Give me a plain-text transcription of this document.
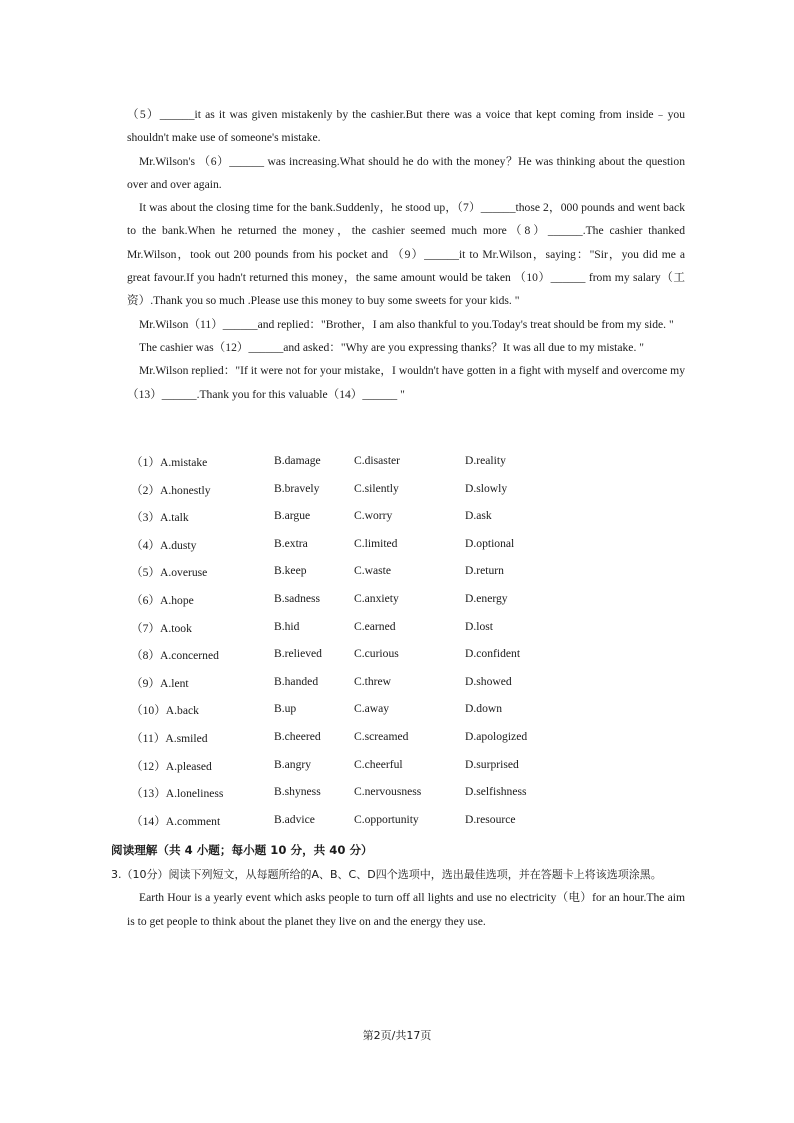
（5）______it as it was given mistakenly by the cashier.But there was a voice that kept coming from inside﹣you shouldn't make use of someone's mistake.

Mr.Wilson's （6）______ was increasing.What should he do with the money？He was thinking about the question over and over again.

It was about the closing time for the bank.Suddenly，he stood up，（7）______those 2，000 pounds and went back to the bank.When he returned the money，the cashier seemed much more（8）______.The cashier thanked Mr.Wilson，took out 200 pounds from his pocket and （9）______it to Mr.Wilson，saying："Sir，you did me a great favour.If you hadn't returned this money，the same amount would be taken （10）______ from my salary（工资）.Thank you so much .Please use this money to buy some sweets for your kids. "

Mr.Wilson（11）______and replied："Brother，I am also thankful to you.Today's treat should be from my side. "

The cashier was（12）______and asked："Why are you expressing thanks？It was all due to my mistake. "

Mr.Wilson replied："If it were not for your mistake，I wouldn't have gotten in a fight with myself and overcome my（13）______.Thank you for this valuable（14）______ "

（1）A.mistake	B.damage	C.disaster	D.reality
（2）A.honestly	B.bravely	C.silently	D.slowly
（3）A.talk	B.argue	C.worry	D.ask
（4）A.dusty	B.extra	C.limited	D.optional
（5）A.overuse	B.keep	C.waste	D.return
（6）A.hope	B.sadness	C.anxiety	D.energy
（7）A.took	B.hid	C.earned	D.lost
（8）A.concerned	B.relieved	C.curious	D.confident
（9）A.lent	B.handed	C.threw	D.showed
（10）A.back	B.up	C.away	D.down
（11）A.smiled	B.cheered	C.screamed	D.apologized
（12）A.pleased	B.angry	C.cheerful	D.surprised
（13）A.loneliness	B.shyness	C.nervousness	D.selfishness
（14）A.comment	B.advice	C.opportunity	D.resource
阅读理解（共 4 小题；每小题 10 分，共 40 分）

3.（10分）阅读下列短文，从每题所给的A、B、C、D四个选项中，选出最佳选项，并在答题卡上将该选项涂黑。

Earth Hour is a yearly event which asks people to turn off all lights and use no electricity（电）for an hour.The aim is to get people to think about the planet they live on and the energy they use.

第2页/共17页
